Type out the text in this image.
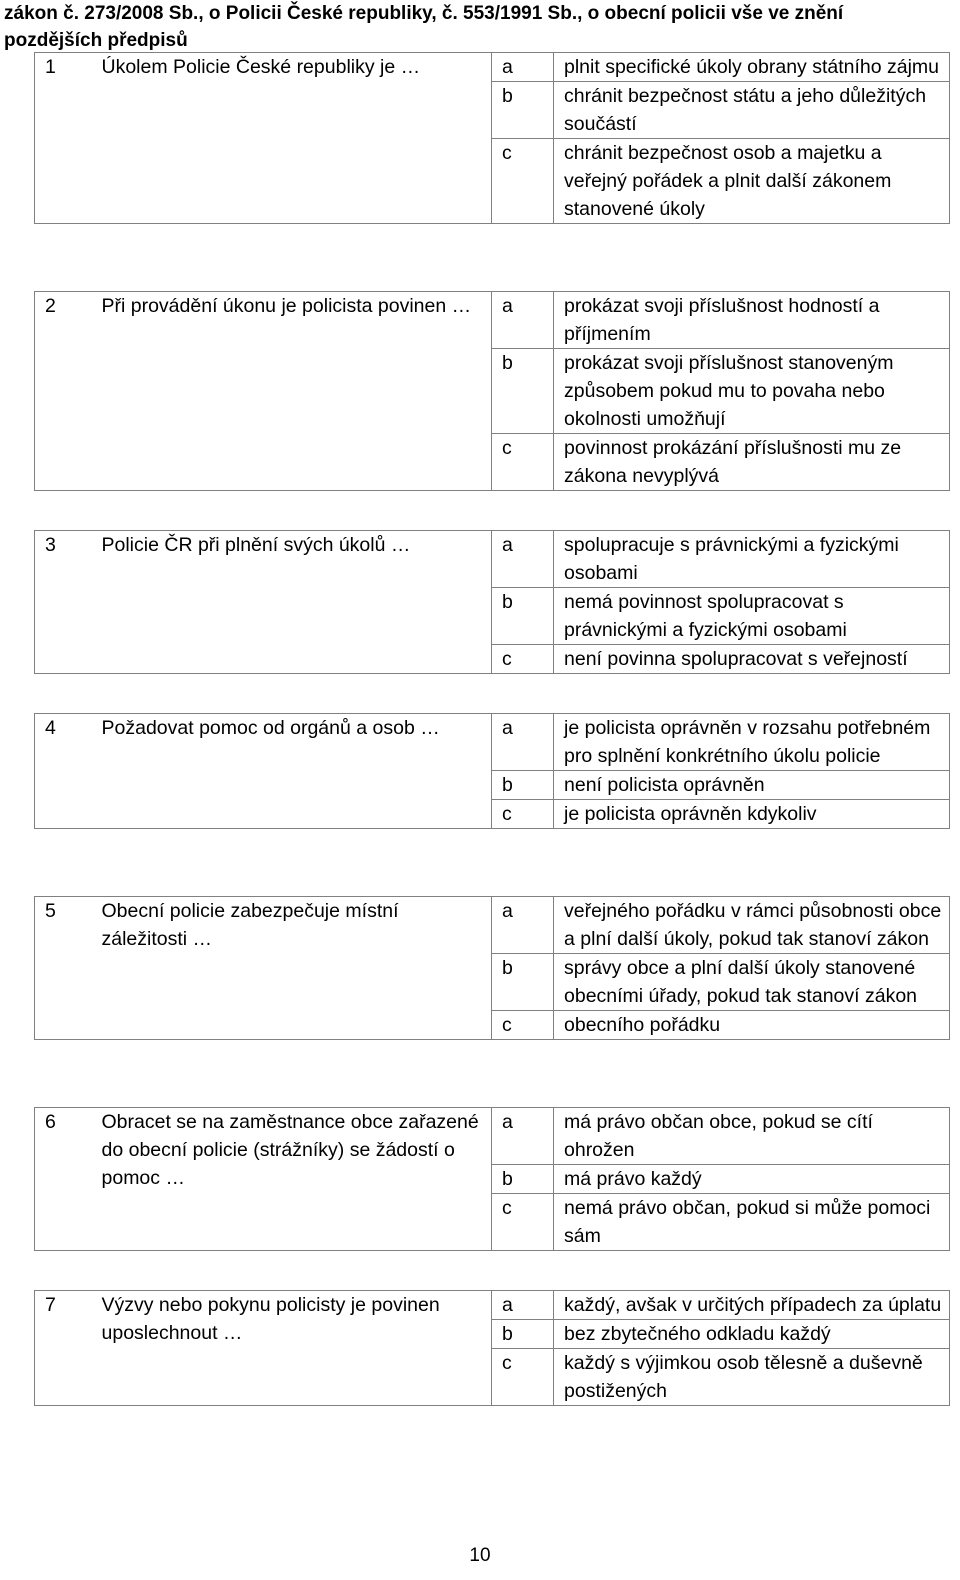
zákon č. 273/2008 Sb., o Policii České republiky, č. 553/1991 Sb., o obecní policii vše ve znění pozdějších předpisů
1	Úkolem Policie České republiky je …	a	plnit specifické úkoly obrany státního zájmu
		b	chránit bezpečnost státu a jeho důležitých součástí
		c	chránit bezpečnost osob a majetku a veřejný pořádek a plnit další zákonem stanovené úkoly
2	Při provádění úkonu je policista povinen …	a	prokázat svoji příslušnost hodností a příjmením
		b	prokázat svoji příslušnost stanoveným způsobem pokud mu to povaha nebo okolnosti umožňují
		c	povinnost prokázání příslušnosti mu ze zákona nevyplývá
3	Policie ČR při plnění svých úkolů …	a	spolupracuje s právnickými a fyzickými osobami
		b	nemá povinnost spolupracovat s právnickými a fyzickými osobami
		c	není povinna spolupracovat s veřejností
4	Požadovat pomoc od orgánů a osob …	a	je policista oprávněn v rozsahu potřebném pro splnění konkrétního úkolu policie
		b	není policista oprávněn
		c	je policista oprávněn kdykoliv
5	Obecní policie zabezpečuje místní záležitosti …	a	veřejného pořádku v rámci působnosti obce a plní další úkoly, pokud tak stanoví zákon
		b	správy obce a plní další úkoly stanovené obecními úřady, pokud tak stanoví zákon
		c	obecního pořádku
6	Obracet se na zaměstnance obce zařazené do obecní policie (strážníky) se žádostí o pomoc …	a	má právo občan obce, pokud se cítí ohrožen
		b	má právo každý
		c	nemá právo občan, pokud si může pomoci sám
7	Výzvy nebo pokynu policisty je povinen uposlechnout …	a	každý, avšak v určitých případech za úplatu
		b	bez zbytečného odkladu každý
		c	každý s výjimkou osob tělesně a duševně postižených
10
